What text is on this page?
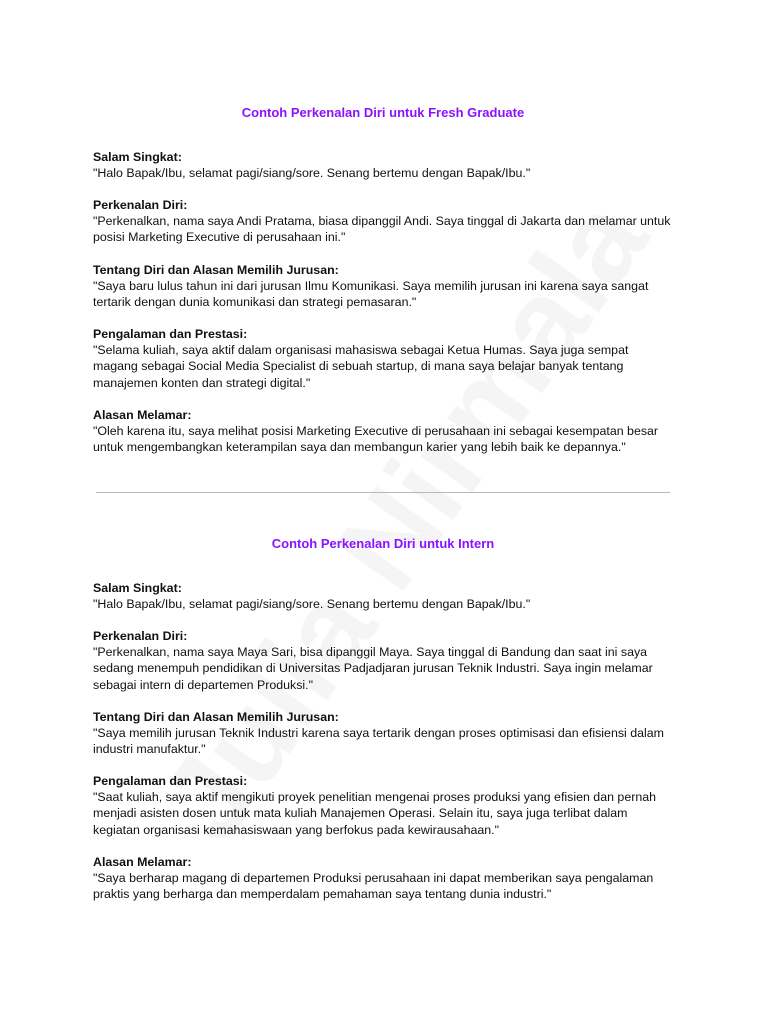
Contoh Perkenalan Diri untuk Fresh Graduate
Salam Singkat:
"Halo Bapak/Ibu, selamat pagi/siang/sore. Senang bertemu dengan Bapak/Ibu."
Perkenalan Diri:
"Perkenalkan, nama saya Andi Pratama, biasa dipanggil Andi. Saya tinggal di Jakarta dan melamar untuk posisi Marketing Executive di perusahaan ini."
Tentang Diri dan Alasan Memilih Jurusan:
"Saya baru lulus tahun ini dari jurusan Ilmu Komunikasi. Saya memilih jurusan ini karena saya sangat tertarik dengan dunia komunikasi dan strategi pemasaran."
Pengalaman dan Prestasi:
"Selama kuliah, saya aktif dalam organisasi mahasiswa sebagai Ketua Humas. Saya juga sempat magang sebagai Social Media Specialist di sebuah startup, di mana saya belajar banyak tentang manajemen konten dan strategi digital."
Alasan Melamar:
"Oleh karena itu, saya melihat posisi Marketing Executive di perusahaan ini sebagai kesempatan besar untuk mengembangkan keterampilan saya dan membangun karier yang lebih baik ke depannya."
Contoh Perkenalan Diri untuk Intern
Salam Singkat:
"Halo Bapak/Ibu, selamat pagi/siang/sore. Senang bertemu dengan Bapak/Ibu."
Perkenalan Diri:
"Perkenalkan, nama saya Maya Sari, bisa dipanggil Maya. Saya tinggal di Bandung dan saat ini saya sedang menempuh pendidikan di Universitas Padjadjaran jurusan Teknik Industri. Saya ingin melamar sebagai intern di departemen Produksi."
Tentang Diri dan Alasan Memilih Jurusan:
"Saya memilih jurusan Teknik Industri karena saya tertarik dengan proses optimisasi dan efisiensi dalam industri manufaktur."
Pengalaman dan Prestasi:
"Saat kuliah, saya aktif mengikuti proyek penelitian mengenai proses produksi yang efisien dan pernah menjadi asisten dosen untuk mata kuliah Manajemen Operasi. Selain itu, saya juga terlibat dalam kegiatan organisasi kemahasiswaan yang berfokus pada kewirausahaan."
Alasan Melamar:
"Saya berharap magang di departemen Produksi perusahaan ini dapat memberikan saya pengalaman praktis yang berharga dan memperdalam pemahaman saya tentang dunia industri."
